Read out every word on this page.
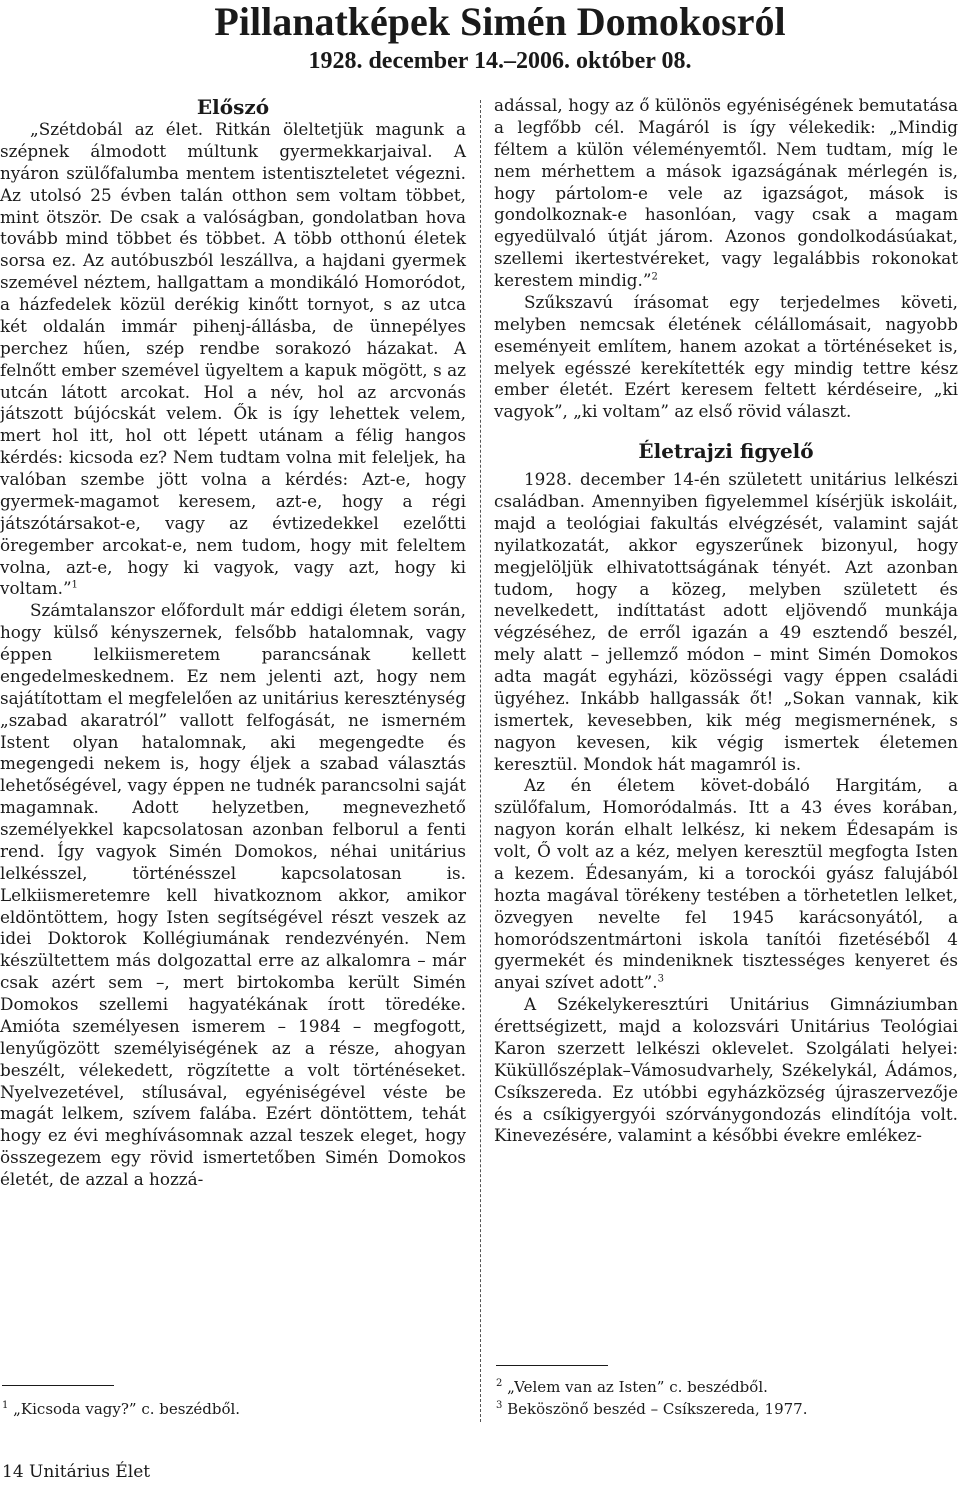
Pillanatképek Simén Domokosról
1928. december 14.–2006. október 08.

Előszó

„Szétdobál az élet. Ritkán öleltetjük magunk a szépnek álmodott múltunk gyermekkarjaival. A nyáron szülőfalumba mentem istentiszteletet végezni. Az utolsó 25 évben talán otthon sem voltam többet, mint ötször. De csak a valóságban, gondolatban hova tovább mind többet és többet. A több otthonú életek sorsa ez. Az autóbuszból leszállva, a hajdani gyermek szemével néztem, hallgattam a mondikáló Homoródot, a házfedelek közül derékig kinőtt tornyot, s az utca két oldalán immár pihenj-állásba, de ünnepélyes perchez hűen, szép rendbe sorakozó házakat. A felnőtt ember szemével ügyeltem a kapuk mögött, s az utcán látott arcokat. Hol a név, hol az arcvonás játszott bújócskát velem. Ők is így lehettek velem, mert hol itt, hol ott lépett utánam a félig hangos kérdés: kicsoda ez? Nem tudtam volna mit feleljek, ha valóban szembe jött volna a kérdés: Azt-e, hogy gyermek-magamot keresem, azt-e, hogy a régi játszótársakot-e, vagy az évtizedekkel ezelőtti öregember arcokat-e, nem tudom, hogy mit feleltem volna, azt-e, hogy ki vagyok, vagy azt, hogy ki voltam.”$^1$

Számtalanszor előfordult már eddigi életem során, hogy külső kényszernek, felsőbb hatalomnak, vagy éppen lelkiismeretem parancsának kellett engedelmeskednem. Ez nem jelenti azt, hogy nem sajátítottam el megfelelően az unitárius kereszténység „szabad akaratról” vallott felfogását, ne ismerném Istent olyan hatalomnak, aki megengedte és megengedi nekem is, hogy éljek a szabad választás lehetőségével, vagy éppen ne tudnék parancsolni saját magamnak. Adott helyzetben, megnevezhető személyekkel kapcsolatosan azonban felborul a fenti rend. Így vagyok Simén Domokos, néhai unitárius lelkésszel, történésszel kapcsolatosan is. Lelkiismeretemre kell hivatkoznom akkor, amikor eldöntöttem, hogy Isten segítségével részt veszek az idei Doktorok Kollégiumának rendezvényén. Nem készültettem más dolgozattal erre az alkalomra – már csak azért sem –, mert birtokomba került Simén Domokos szellemi hagyatékának írott töredéke. Amióta személyesen ismerem – 1984 – megfogott, lenyűgözött személyiségének az a része, ahogyan beszélt, vélekedett, rögzítette a volt történéseket. Nyelvezetével, stílusával, egyéniségével véste be magát lelkem, szívem falába. Ezért döntöttem, tehát hogy ez évi meghívásomnak azzal teszek eleget, hogy összegezem egy rövid ismertetőben Simén Domokos életét, de azzal a hozzá-

adással, hogy az ő különös egyéniségének bemutatása a legfőbb cél. Magáról is így vélekedik: „Mindig féltem a külön véleményemtől. Nem tudtam, míg le nem mérhettem a mások igazságának mérlegén is, hogy pártolom-e vele az igazságot, mások is gondolkoznak-e hasonlóan, vagy csak a magam egyedülvaló útját járom. Azonos gondolkodásúakat, szellemi ikertestvéreket, vagy legalábbis rokonokat kerestem mindig.”$^2$

Szűkszavú írásomat egy terjedelmes követi, melyben nemcsak életének célállomásait, nagyobb eseményeit említem, hanem azokat a történéseket is, melyek egésszé kerekítették egy mindig tettre kész ember életét. Ezért keresem feltett kérdéseire, „ki vagyok”, „ki voltam” az első rövid választ.

Életrajzi figyelő

1928. december 14-én született unitárius lelkészi családban. Amennyiben figyelemmel kísérjük iskoláit, majd a teológiai fakultás elvégzését, valamint saját nyilatkozatát, akkor egyszerűnek bizonyul, hogy megjelöljük elhivatottságának tényét. Azt azonban tudom, hogy a közeg, melyben született és nevelkedett, indíttatást adott eljövendő munkája végzéséhez, de erről igazán a 49 esztendő beszél, mely alatt – jellemző módon – mint Simén Domokos adta magát egyházi, közösségi vagy éppen családi ügyéhez. Inkább hallgassák őt! „Sokan vannak, kik ismertek, kevesebben, kik még megismernének, s nagyon kevesen, kik végig ismertek életemen keresztül. Mondok hát magamról is.

Az én életem követ-dobáló Hargitám, a szülőfalum, Homoródalmás. Itt a 43 éves korában, nagyon korán elhalt lelkész, ki nekem Édesapám is volt, Ő volt az a kéz, melyen keresztül megfogta Isten a kezem. Édesanyám, ki a torockói gyász falujából hozta magával törékeny testében a törhetetlen lelket, özvegyen nevelte fel 1945 karácsonyától, a homoródszentmártoni iskola tanítói fizetéséből 4 gyermekét és mindeniknek tisztességes kenyeret és anyai szívet adott”.$^3$

A Székelykeresztúri Unitárius Gimnáziumban érettségizett, majd a kolozsvári Unitárius Teológiai Karon szerzett lelkészi oklevelet. Szolgálati helyei: Küküllőszéplak–Vámosudvarhely, Székelykál, Ádámos, Csíkszereda. Ez utóbbi egyházközség újraszervezője és a csíkigyergyói szórványgondozás elindítója volt. Kinevezésére, valamint a későbbi évekre emlékez-

$^1$ „Kicsoda vagy?” c. beszédből.
$^2$ „Velem van az Isten” c. beszédből.
$^3$ Beköszönő beszéd – Csíkszereda, 1977.
14 Unitárius Élet
